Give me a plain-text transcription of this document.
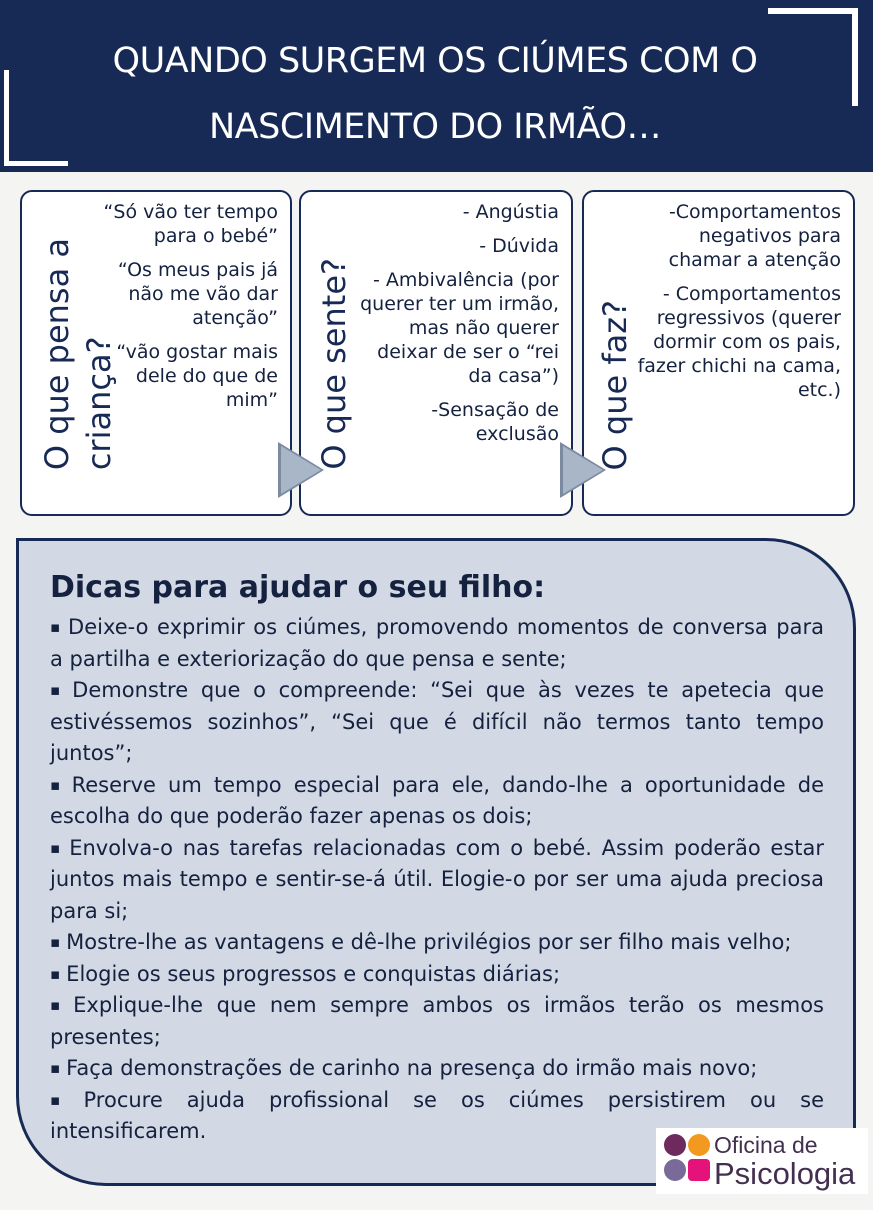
QUANDO SURGEM OS CIÚMES COM O
NASCIMENTO DO IRMÃO…
O que pensa a criança?

“Só vão ter tempo para o bebé”

“Os meus pais já não me vão dar atenção”

“vão gostar mais dele do que de mim” O que sente?

- Angústia

- Dúvida

- Ambivalência (por querer ter um irmão, mas não querer deixar de ser o “rei da casa”)

-Sensação de exclusão O que faz?

-Comportamentos negativos para chamar a atenção

- Comportamentos regressivos (querer dormir com os pais, fazer chichi na cama, etc.)

Dicas para ajudar o seu filho:
▪ Deixe-o exprimir os ciúmes, promovendo momentos de conversa para a partilha e exteriorização do que pensa e sente;
▪ Demonstre que o compreende: “Sei que às vezes te apetecia que estivéssemos sozinhos”, “Sei que é difícil não termos tanto tempo juntos”;
▪ Reserve um tempo especial para ele, dando-lhe a oportunidade de escolha do que poderão fazer apenas os dois;
▪ Envolva-o nas tarefas relacionadas com o bebé. Assim poderão estar juntos mais tempo e sentir-se-á útil. Elogie-o por ser uma ajuda preciosa para si;
▪ Mostre-lhe as vantagens e dê-lhe privilégios por ser filho mais velho;
▪ Elogie os seus progressos e conquistas diárias;
▪ Explique-lhe que nem sempre ambos os irmãos terão os mesmos presentes;
▪ Faça demonstrações de carinho na presença do irmão mais novo;
▪ Procure ajuda profissional se os ciúmes persistirem ou se intensificarem.
Oficina de
Psicologia
